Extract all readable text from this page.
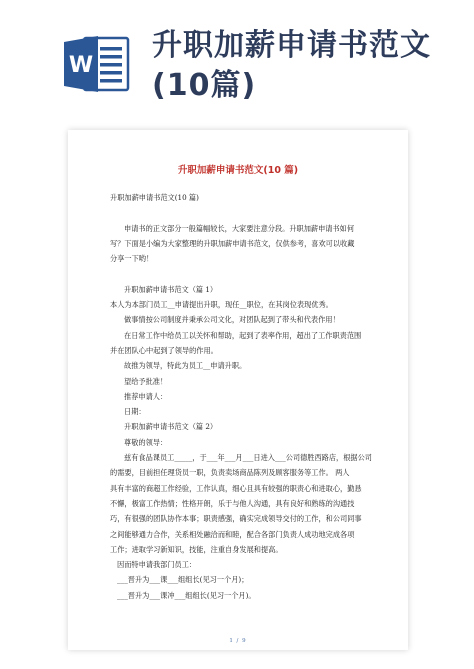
W
升职加薪申请书范文(10篇)
升职加薪申请书范文(10 篇)
升职加薪申请书范文(10 篇)
申请书的正文部分一般篇幅较长，大家要注意分段。升职加薪申请书如何
写？下面是小编为大家整理的升职加薪申请书范文，仅供参考，喜欢可以收藏
分享一下哟！
升职加薪申请书范文（篇 1）
本人为本部门员工__申请提出升职，现任__职位，在其岗位表现优秀。
做事情按公司制度并秉承公司文化，对团队起到了带头和代表作用！
在日常工作中给员工以关怀和帮助，起到了表率作用，超出了工作职责范围
并在团队心中起到了领导的作用。
故推为领导，特此为员工__申请升职。
望给予批准！
推荐申请人：
日期：
升职加薪申请书范文（篇 2）
尊敬的领导：
兹有食品课员工_____，于___年___月___日进入___公司德胜西路店，根据公司
的需要，目前担任理货员一职，负责卖场商品陈列及顾客服务等工作。 两人
具有丰富的商超工作经验，工作认真，细心且具有较强的职责心和进取心，勤恳
不懈，极富工作热情；性格开朗，乐于与他人沟通，具有良好和熟练的沟通技
巧，有很强的团队协作本事；职责感强，确实完成领导交付的工作，和公司同事
之间能够通力合作，关系相处融洽而和睦，配合各部门负责人成功地完成各项
工作；进取学习新知识，技能，注重自身发展和提高。
因而特申请我部门员工：
___晋升为___课___组组长(见习一个月)；
___晋升为___课冲___组组长(见习一个月)。
1 / 9
